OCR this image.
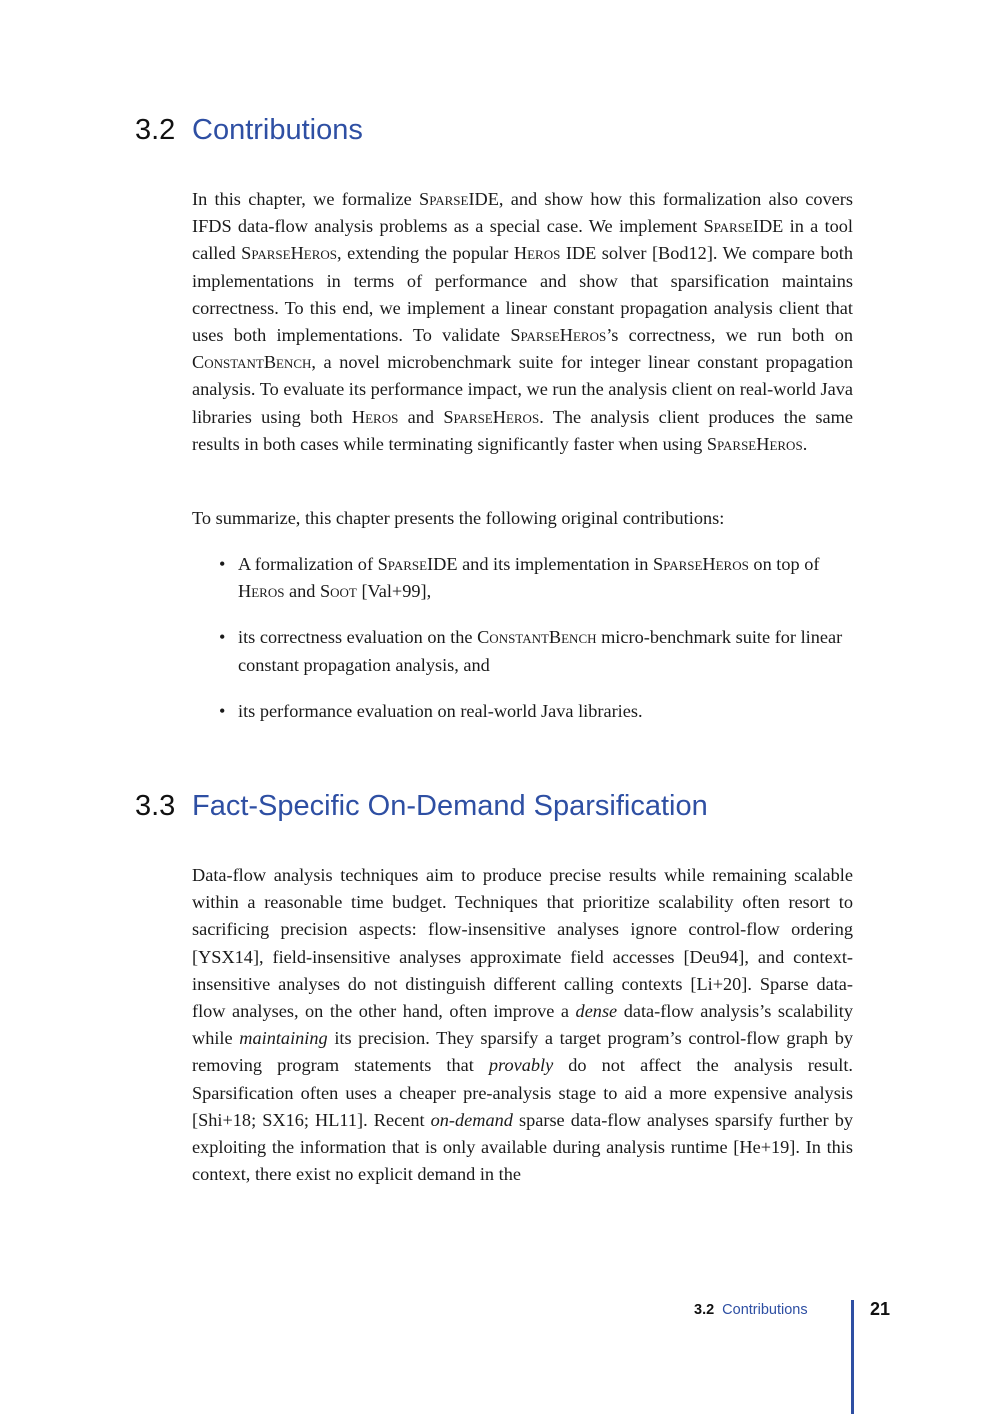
3.2 Contributions

In this chapter, we formalize SparseIDE, and show how this formalization also covers IFDS data-flow analysis problems as a special case. We implement SparseIDE in a tool called SparseHeros, extending the popular Heros IDE solver [Bod12]. We compare both implementations in terms of performance and show that sparsification maintains correctness. To this end, we implement a linear constant propagation analysis client that uses both implementations. To validate SparseHeros’s correctness, we run both on ConstantBench, a novel microbenchmark suite for integer linear constant propagation analysis. To evaluate its performance impact, we run the analysis client on real-world Java libraries using both Heros and SparseHeros. The analysis client produces the same results in both cases while terminating significantly faster when using SparseHeros.

To summarize, this chapter presents the following original contributions:

• A formalization of SparseIDE and its implementation in SparseHeros on top of Heros and Soot [Val+99],
• its correctness evaluation on the ConstantBench micro-benchmark suite for linear constant propagation analysis, and
• its performance evaluation on real-world Java libraries.
3.3 Fact-Specific On-Demand Sparsification

Data-flow analysis techniques aim to produce precise results while remaining scalable within a reasonable time budget. Techniques that prioritize scalability often resort to sacrificing precision aspects: flow-insensitive analyses ignore control-flow ordering [YSX14], field-insensitive analyses approximate field accesses [Deu94], and context-insensitive analyses do not distinguish different calling contexts [Li+20]. Sparse data-flow analyses, on the other hand, often improve a dense data-flow analysis’s scalability while maintaining its precision. They sparsify a target program’s control-flow graph by removing program statements that provably do not affect the analysis result. Sparsification often uses a cheaper pre-analysis stage to aid a more expensive analysis [Shi+18; SX16; HL11]. Recent on-demand sparse data-flow analyses sparsify further by exploiting the information that is only available during analysis runtime [He+19]. In this context, there exist no explicit demand in the

3.2 Contributions	21
